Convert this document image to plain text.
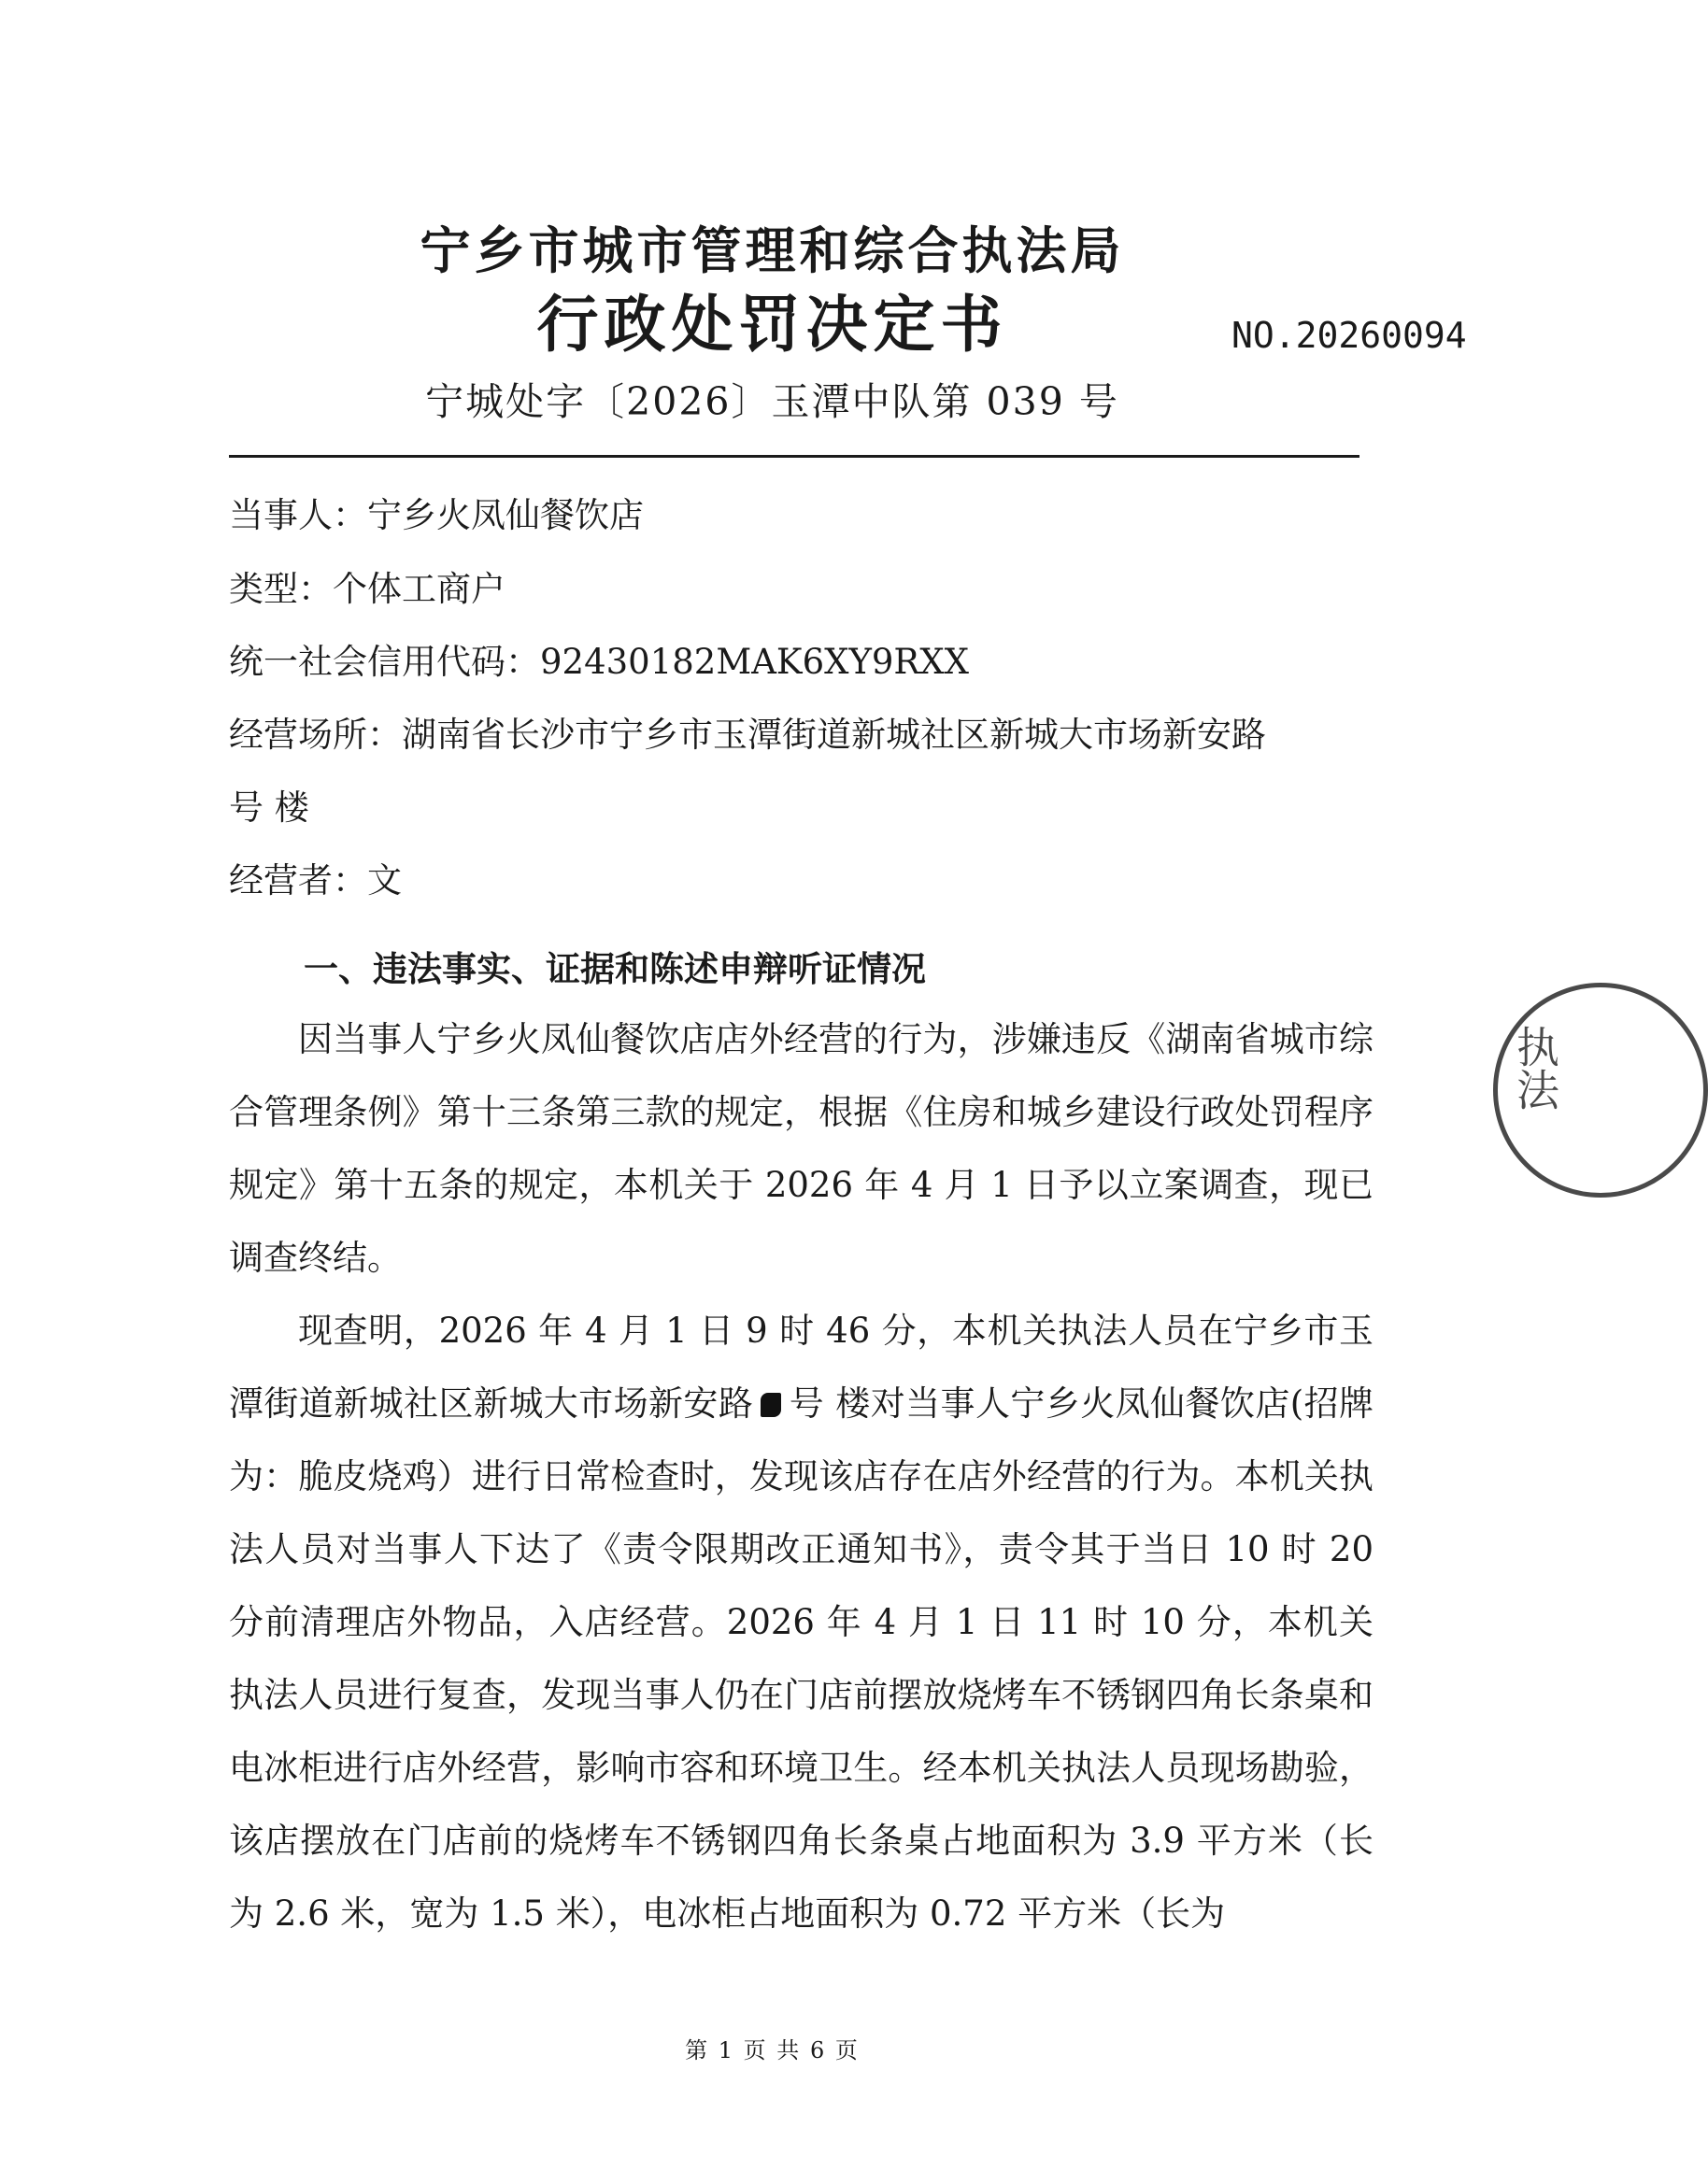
宁乡市城市管理和综合执法局
行政处罚决定书	NO.20260094
宁城处字〔2026〕玉潭中队第 039 号
当事人：宁乡火凤仙餐饮店
类型：个体工商户
统一社会信用代码：92430182MAK6XY9RXX
经营场所：湖南省长沙市宁乡市玉潭街道新城社区新城大市场新安路
号 楼
经营者：文
一、违法事实、证据和陈述申辩听证情况
因当事人宁乡火凤仙餐饮店店外经营的行为，涉嫌违反《湖南省城市综合管理条例》第十三条第三款的规定，根据《住房和城乡建设行政处罚程序规定》第十五条的规定，本机关于 2026 年 4 月 1 日予以立案调查，现已调查终结。
现查明，2026 年 4 月 1 日 9 时 46 分，本机关执法人员在宁乡市玉潭街道新城社区新城大市场新安路 号 楼对当事人宁乡火凤仙餐饮店(招牌为：脆皮烧鸡）进行日常检查时，发现该店存在店外经营的行为。本机关执法人员对当事人下达了《责令限期改正通知书》，责令其于当日 10 时 20 分前清理店外物品，入店经营。2026 年 4 月 1 日 11 时 10 分，本机关执法人员进行复查，发现当事人仍在门店前摆放烧烤车不锈钢四角长条桌和电冰柜进行店外经营，影响市容和环境卫生。经本机关执法人员现场勘验，该店摆放在门店前的烧烤车不锈钢四角长条桌占地面积为 3.9 平方米（长为 2.6 米，宽为 1.5 米），电冰柜占地面积为 0.72 平方米（长为
执法
第 1 页 共 6 页
